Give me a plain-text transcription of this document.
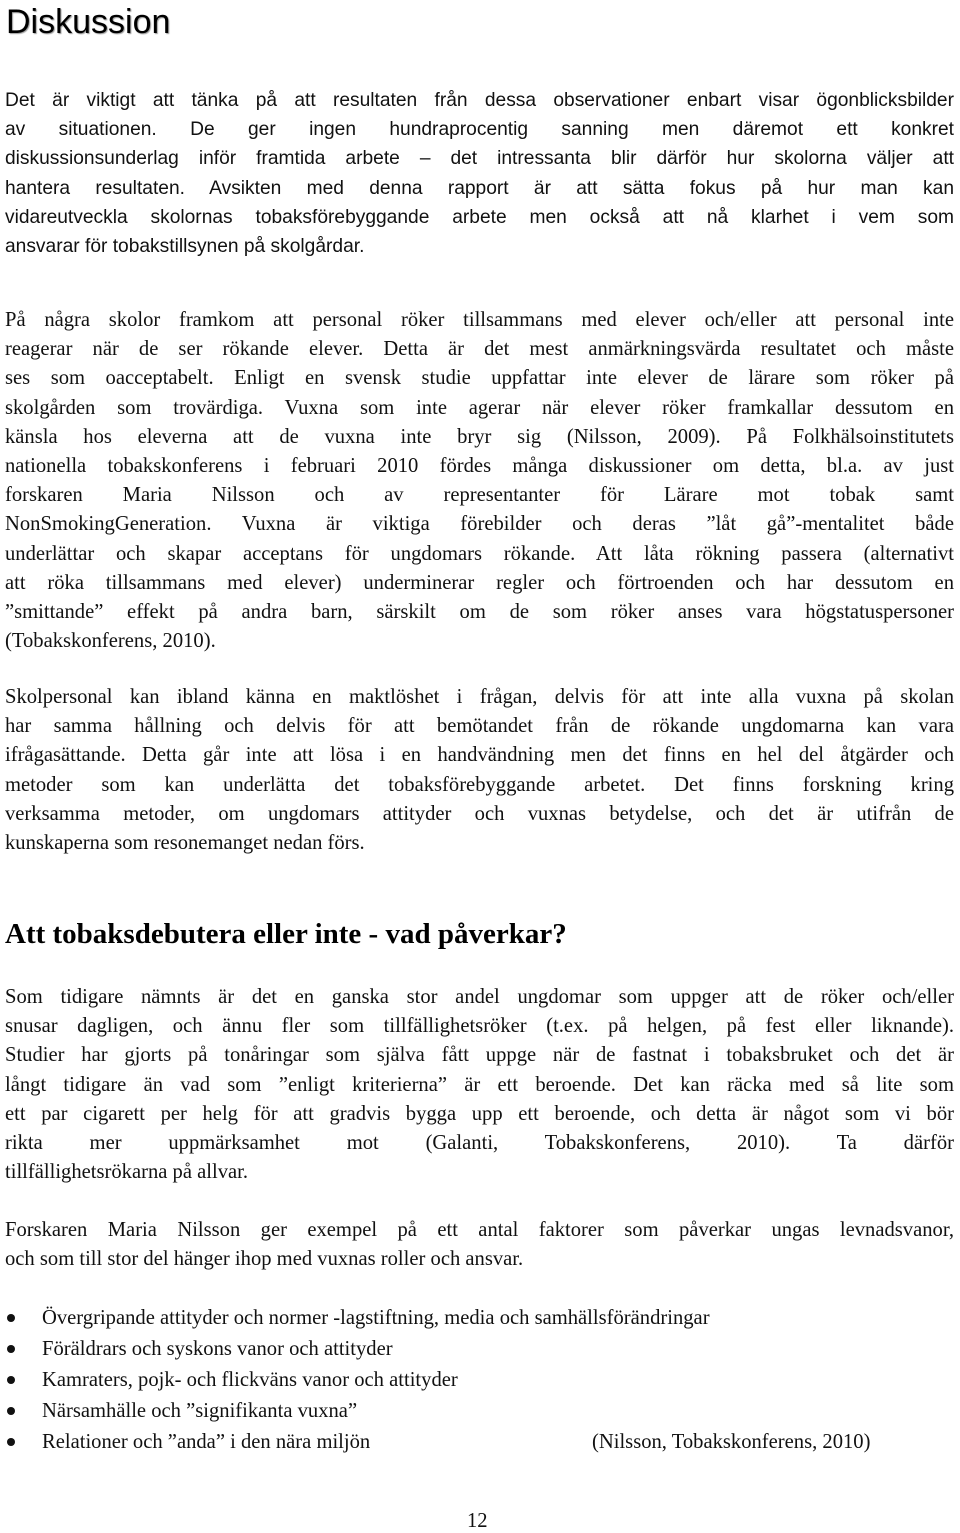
Diskussion

Det är viktigt att tänka på att resultaten från dessa observationer enbart visar ögonblicksbilder
av situationen. De ger ingen hundraprocentig sanning men däremot ett konkret
diskussionsunderlag inför framtida arbete – det intressanta blir därför hur skolorna väljer att
hantera resultaten. Avsikten med denna rapport är att sätta fokus på hur man kan
vidareutveckla skolornas tobaksförebyggande arbete men också att nå klarhet i vem som
ansvarar för tobakstillsynen på skolgårdar.

På några skolor framkom att personal röker tillsammans med elever och/eller att personal inte
reagerar när de ser rökande elever. Detta är det mest anmärkningsvärda resultatet och måste
ses som oacceptabelt. Enligt en svensk studie uppfattar inte elever de lärare som röker på
skolgården som trovärdiga. Vuxna som inte agerar när elever röker framkallar dessutom en
känsla hos eleverna att de vuxna inte bryr sig (Nilsson, 2009). På Folkhälsoinstitutets
nationella tobakskonferens i februari 2010 fördes många diskussioner om detta, bl.a. av just
forskaren Maria Nilsson och av representanter för Lärare mot tobak samt
NonSmokingGeneration. Vuxna är viktiga förebilder och deras ”låt gå”-mentalitet både
underlättar och skapar acceptans för ungdomars rökande. Att låta rökning passera (alternativt
att röka tillsammans med elever) underminerar regler och förtroenden och har dessutom en
”smittande” effekt på andra barn, särskilt om de som röker anses vara högstatuspersoner
(Tobakskonferens, 2010).

Skolpersonal kan ibland känna en maktlöshet i frågan, delvis för att inte alla vuxna på skolan
har samma hållning och delvis för att bemötandet från de rökande ungdomarna kan vara
ifrågasättande. Detta går inte att lösa i en handvändning men det finns en hel del åtgärder och
metoder som kan underlätta det tobaksförebyggande arbetet. Det finns forskning kring
verksamma metoder, om ungdomars attityder och vuxnas betydelse, och det är utifrån de
kunskaperna som resonemanget nedan förs.

Att tobaksdebutera eller inte - vad påverkar?

Som tidigare nämnts är det en ganska stor andel ungdomar som uppger att de röker och/eller
snusar dagligen, och ännu fler som tillfällighetsröker (t.ex. på helgen, på fest eller liknande).
Studier har gjorts på tonåringar som själva fått uppge när de fastnat i tobaksbruket och det är
långt tidigare än vad som ”enligt kriterierna” är ett beroende. Det kan räcka med så lite som
ett par cigarett per helg för att gradvis bygga upp ett beroende, och detta är något som vi bör
rikta mer uppmärksamhet mot (Galanti, Tobakskonferens, 2010). Ta därför
tillfällighetsrökarna på allvar.

Forskaren Maria Nilsson ger exempel på ett antal faktorer som påverkar ungas levnadsvanor,
och som till stor del hänger ihop med vuxnas roller och ansvar.

Övergripande attityder och normer -lagstiftning, media och samhällsförändringar
Föräldrars och syskons vanor och attityder
Kamraters, pojk- och flickväns vanor och attityder
Närsamhälle och ”signifikanta vuxna”
Relationer och ”anda” i den nära miljön	(Nilsson, Tobakskonferens, 2010)
12
